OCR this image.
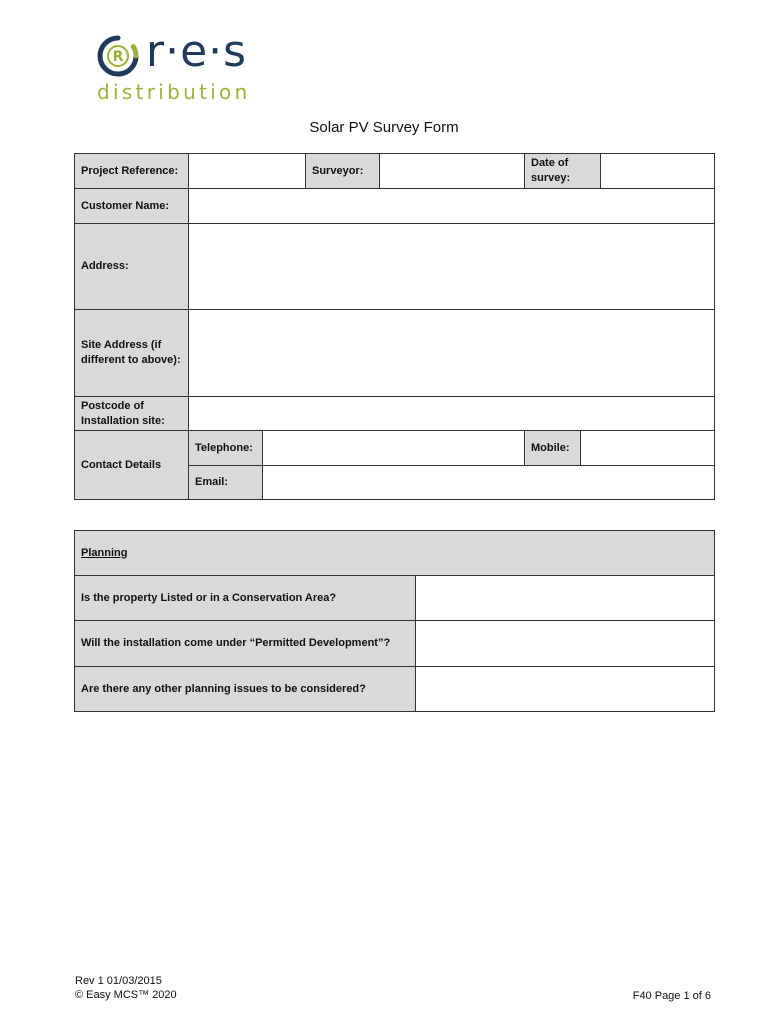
R r·e·s
distribution
Solar PV Survey Form
Project Reference:			Surveyor:		Date of survey:		
Customer Name:							
Address:							
Site Address (if different to above):							
Postcode of Installation site:							
Contact Details	Telephone:				Mobile:		
	Email:						
Planning	
Is the property Listed or in a Conservation Area?	
Will the installation come under “Permitted Development”?	
Are there any other planning issues to be considered?	
Rev 1 01/03/2015
© Easy MCS™ 2020	F40 Page 1 of 6
